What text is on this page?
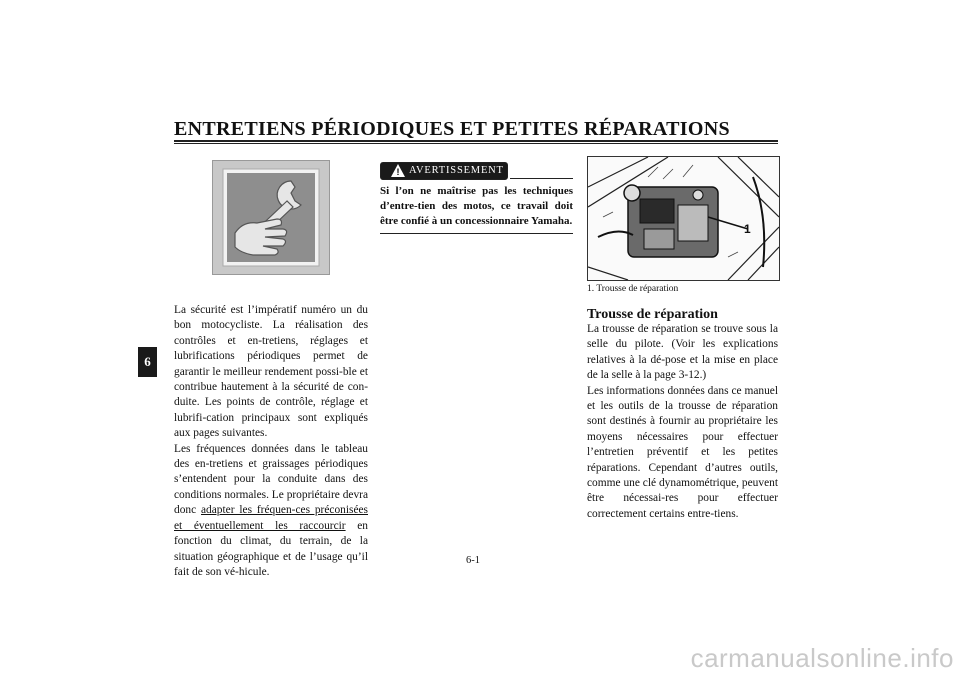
ENTRETIENS PÉRIODIQUES ET PETITES RÉPARATIONS
6

La sécurité est l’impératif numéro un du bon motocycliste. La réalisation des contrôles et en-tretiens, réglages et lubrifications périodiques permet de garantir le meilleur rendement possi-ble et contribue hautement à la sécurité de con-duite. Les points de contrôle, réglage et lubrifi-cation principaux sont expliqués aux pages suivantes.

Les fréquences données dans le tableau des en-tretiens et graissages périodiques s’entendent pour la conduite dans des conditions normales. Le propriétaire devra donc adapter les fréquen-ces préconisées et éventuellement les raccourcir en fonction du climat, du terrain, de la situation géographique et de l’usage qu’il fait de son vé-hicule.

! AVERTISSEMENT

Si l’on ne maîtrise pas les techniques d’entre-tien des motos, ce travail doit être confié à un concessionnaire Yamaha.

1
1. Trousse de réparation
Trousse de réparation

La trousse de réparation se trouve sous la selle du pilote. (Voir les explications relatives à la dé-pose et la mise en place de la selle à la page 3-12.)

Les informations données dans ce manuel et les outils de la trousse de réparation sont destinés à fournir au propriétaire les moyens nécessaires pour effectuer l’entretien préventif et les petites réparations. Cependant d’autres outils, comme une clé dynamométrique, peuvent être nécessai-res pour effectuer correctement certains entre-tiens.

6-1
carmanualsonline.info
